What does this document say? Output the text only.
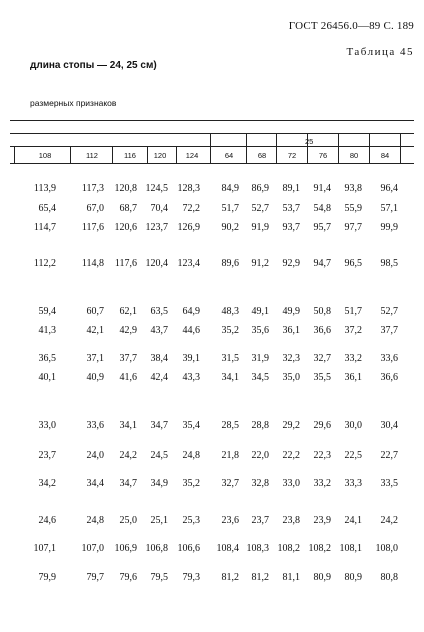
ГОСТ 26456.0—89 С. 189
Таблица 45
длина стопы — 24, 25 см)
размерных признаков
25
108	112	116	120	124	64	68	72	76	80	84
113,9	117,3	120,8 124,5 128,3	84,9	86,9	89,1	91,4	93,8	96,4
65,4	67,0	68,7	70,4	72,2	51,7	52,7	53,7	54,8	55,9	57,1
114,7	117,6	120,6 123,7 126,9	90,2	91,9	93,7	95,7	97,7	99,9
112,2	114,8	117,6 120,4 123,4	89,6	91,2	92,9	94,7	96,5	98,5
59,4	60,7	62,1	63,5	64,9	48,3	49,1	49,9	50,8	51,7	52,7
41,3	42,1	42,9	43,7	44,6	35,2	35,6	36,1	36,6	37,2	37,7
36,5	37,1	37,7	38,4	39,1	31,5	31,9	32,3	32,7	33,2	33,6
40,1	40,9	41,6	42,4	43,3	34,1	34,5	35,0	35,5	36,1	36,6
33,0	33,6	34,1	34,7	35,4	28,5	28,8	29,2	29,6	30,0	30,4
23,7	24,0	24,2	24,5	24,8	21,8	22,0	22,2	22,3	22,5	22,7
34,2	34,4	34,7	34,9	35,2	32,7	32,8	33,0	33,2	33,3	33,5
24,6	24,8	25,0	25,1	25,3	23,6	23,7	23,8	23,9	24,1	24,2
107,1	107,0	106,9 106,8 106,6	108,4 108,3 108,2 108,2 108,1	108,0
79,9	79,7	79,6	79,5	79,3	81,2	81,2	81,1	80,9	80,9	80,8
